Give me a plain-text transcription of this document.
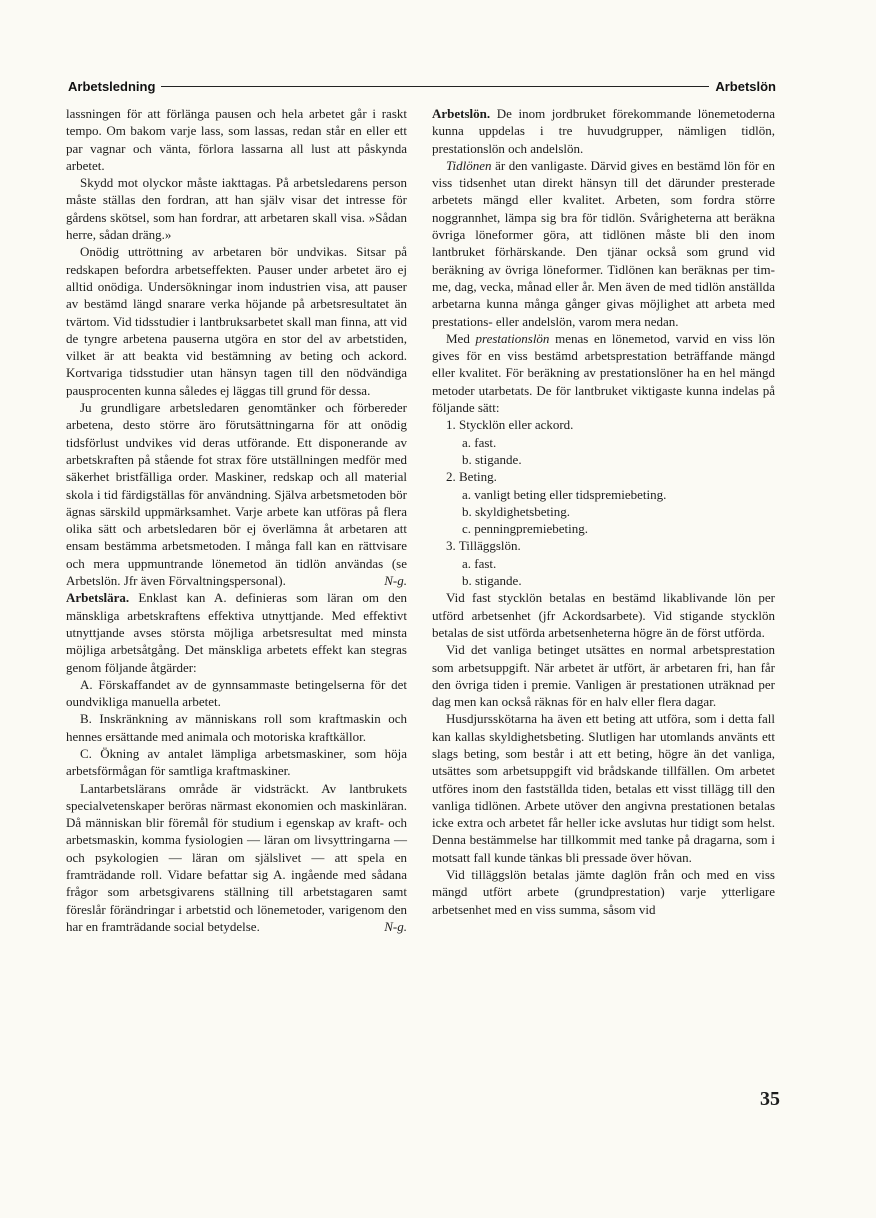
Arbetsledning	Arbetslön

lassningen för att förlänga pausen och hela arbetet går i raskt tempo. Om bakom varje lass, som lassas, redan står en eller ett par vagnar och vänta, förlora lassarna all lust att påskynda arbetet.

Skydd mot olyckor måste iakttagas. På arbetsledarens person måste ställas den fordran, att han själv visar det intresse för gårdens skötsel, som han fordrar, att arbetaren skall visa. »Sådan herre, sådan dräng.»

Onödig uttröttning av arbetaren bör undvikas. Sitsar på redskapen befordra arbetseffekten. Pauser under arbetet äro ej alltid onödiga. Undersökningar inom industrien visa, att pauser av bestämd längd snarare verka höjande på arbetsresultatet än tvärtom. Vid tidsstudier i lantbruksarbetet skall man finna, att vid de tyngre arbetena pauserna utgöra en stor del av arbetstiden, vilket är att beakta vid bestämning av beting och ackord. Kortvariga tidsstudier utan hänsyn tagen till den nödvändiga pausprocenten kunna således ej läggas till grund för dessa.

Ju grundligare arbetsledaren genomtänker och förbereder arbetena, desto större äro förutsättningarna för att onödig tidsförlust undvikes vid deras utförande. Ett disponerande av arbetskraften på stående fot strax före utställningen medför med säkerhet bristfälliga order. Maskiner, redskap och all material skola i tid färdigställas för användning. Själva arbetsmetoden bör ägnas särskild uppmärksamhet. Varje arbete kan utföras på flera olika sätt och arbetsledaren bör ej överlämna åt arbetaren att ensam bestämma arbetsmetoden. I många fall kan en rättvisare och mera uppmuntrande lönemetod än tidlön användas (se Arbetslön. Jfr även Förvaltningspersonal).	N-g.

Arbetslära. Enklast kan A. definieras som läran om den mänskliga arbetskraftens effektiva utnyttjande. Med effektivt utnyttjande avses största möjliga arbetsresultat med minsta möjliga arbetsåtgång. Det mänskliga arbetets effekt kan stegras genom följande åtgärder:

A. Förskaffandet av de gynnsammaste betingelserna för det oundvikliga manuella arbetet.

B. Inskränkning av människans roll som kraftmaskin och hennes ersättande med animala och motoriska kraftkällor.

C. Ökning av antalet lämpliga arbetsmaskiner, som höja arbetsförmågan för samtliga kraftmaskiner.

Lantarbetslärans område är vidsträckt. Av lantbrukets specialvetenskaper beröras närmast ekonomien och maskinläran. Då människan blir föremål för studium i egenskap av kraft- och arbetsmaskin, komma fysiologien — läran om livsyttringarna — och psykologien — läran om själslivet — att spela en framträdande roll. Vidare befattar sig A. ingående med sådana frågor som arbetsgivarens ställning till arbetstagaren samt föreslår förändringar i arbetstid och lönemetoder, varigenom den har en framträdande social betydelse.	N-g.

Arbetslön. De inom jordbruket förekommande lönemetoderna kunna uppdelas i tre huvudgrupper, nämligen tidlön, prestationslön och andelslön.

Tidlönen är den vanligaste. Därvid gives en bestämd lön för en viss tidsenhet utan direkt hänsyn till det därunder presterade arbetets mängd eller kvalitet. Arbeten, som fordra större noggrannhet, lämpa sig bra för tidlön. Svårigheterna att beräkna övriga löneformer göra, att tidlönen måste bli den inom lantbruket förhärskande. Den tjänar också som grund vid beräkning av övriga löneformer. Tidlönen kan beräknas per timme, dag, vecka, månad eller år. Men även de med tidlön anställda arbetarna kunna många gånger givas möjlighet att arbeta med prestations- eller andelslön, varom mera nedan.

Med prestationslön menas en lönemetod, varvid en viss lön gives för en viss bestämd arbetsprestation beträffande mängd eller kvalitet. För beräkning av prestationslöner ha en hel mängd metoder utarbetats. De för lantbruket viktigaste kunna indelas på följande sätt:

1. Stycklön eller ackord.

a. fast.

b. stigande.

2. Beting.

a. vanligt beting eller tidspremiebeting.

b. skyldighetsbeting.

c. penningpremiebeting.

3. Tilläggslön.

a. fast.

b. stigande.

Vid fast stycklön betalas en bestämd likablivande lön per utförd arbetsenhet (jfr Ackordsarbete). Vid stigande stycklön betalas de sist utförda arbetsenheterna högre än de först utförda.

Vid det vanliga betinget utsättes en normal arbetsprestation som arbetsuppgift. När arbetet är utfört, är arbetaren fri, han får den övriga tiden i premie. Vanligen är prestationen uträknad per dag men kan också räknas för en halv eller flera dagar.

Husdjursskötarna ha även ett beting att utföra, som i detta fall kan kallas skyldighetsbeting. Slutligen har utomlands använts ett slags beting, som består i att ett beting, högre än det vanliga, utsättes som arbetsuppgift vid brådskande tillfällen. Om arbetet utföres inom den fastställda tiden, betalas ett visst tillägg till den vanliga tidlönen. Arbete utöver den angivna prestationen betalas icke extra och arbetet får heller icke avslutas hur tidigt som helst. Denna bestämmelse har tillkommit med tanke på dragarna, som i motsatt fall kunde tänkas bli pressade över hövan.

Vid tilläggslön betalas jämte daglön från och med en viss mängd utfört arbete (grundprestation) varje ytterligare arbetsenhet med en viss summa, såsom vid

35
